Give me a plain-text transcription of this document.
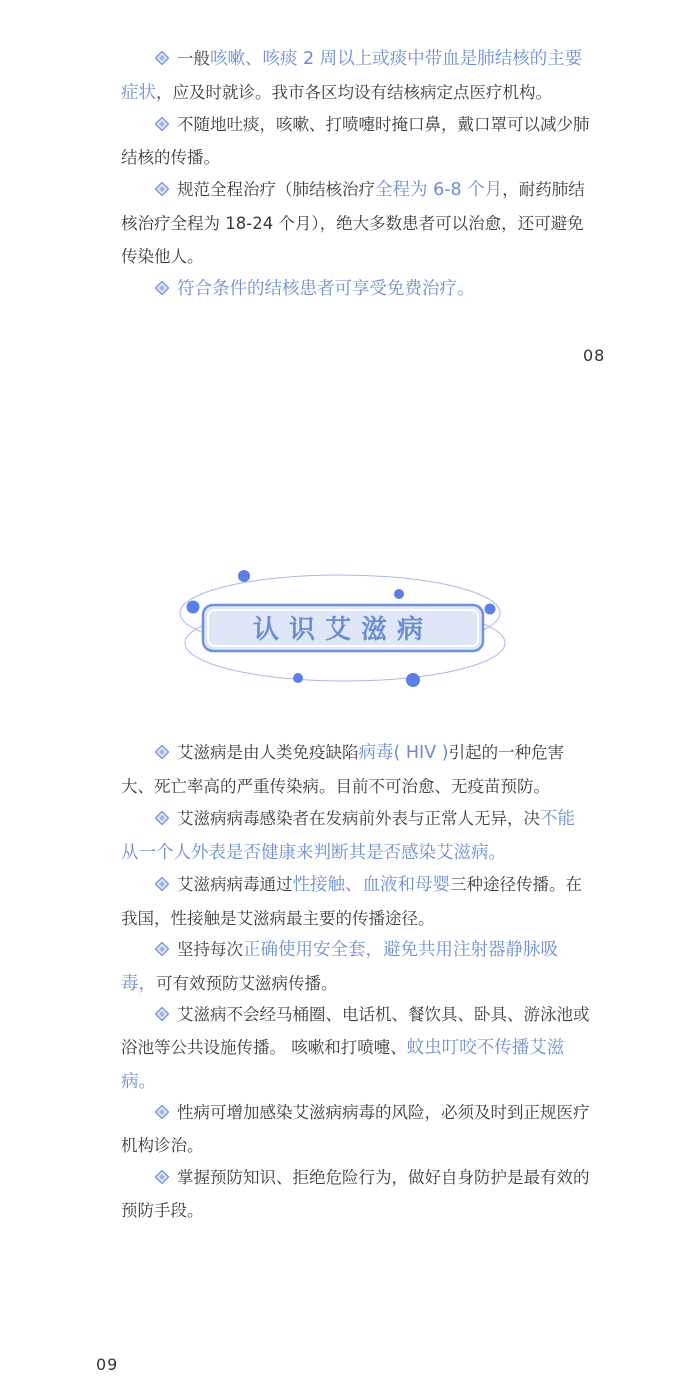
一般咳嗽、咳痰 2 周以上或痰中带血是肺结核的主要症状，应及时就诊。我市各区均设有结核病定点医疗机构。

不随地吐痰，咳嗽、打喷嚏时掩口鼻，戴口罩可以减少肺结核的传播。

规范全程治疗（肺结核治疗全程为 6-8 个月，耐药肺结核治疗全程为 18-24 个月），绝大多数患者可以治愈，还可避免传染他人。

符合条件的结核患者可享受免费治疗。

08
认识艾滋病

艾滋病是由人类免疫缺陷病毒( HIV )引起的一种危害大、死亡率高的严重传染病。目前不可治愈、无疫苗预防。

艾滋病病毒感染者在发病前外表与正常人无异，决不能从一个人外表是否健康来判断其是否感染艾滋病。

艾滋病病毒通过性接触、血液和母婴三种途径传播。在我国，性接触是艾滋病最主要的传播途径。

坚持每次正确使用安全套，避免共用注射器静脉吸毒，可有效预防艾滋病传播。

艾滋病不会经马桶圈、电话机、餐饮具、卧具、游泳池或浴池等公共设施传播。 咳嗽和打喷嚏、蚊虫叮咬不传播艾滋病。

性病可增加感染艾滋病病毒的风险，必须及时到正规医疗机构诊治。

掌握预防知识、拒绝危险行为，做好自身防护是最有效的预防手段。

09
